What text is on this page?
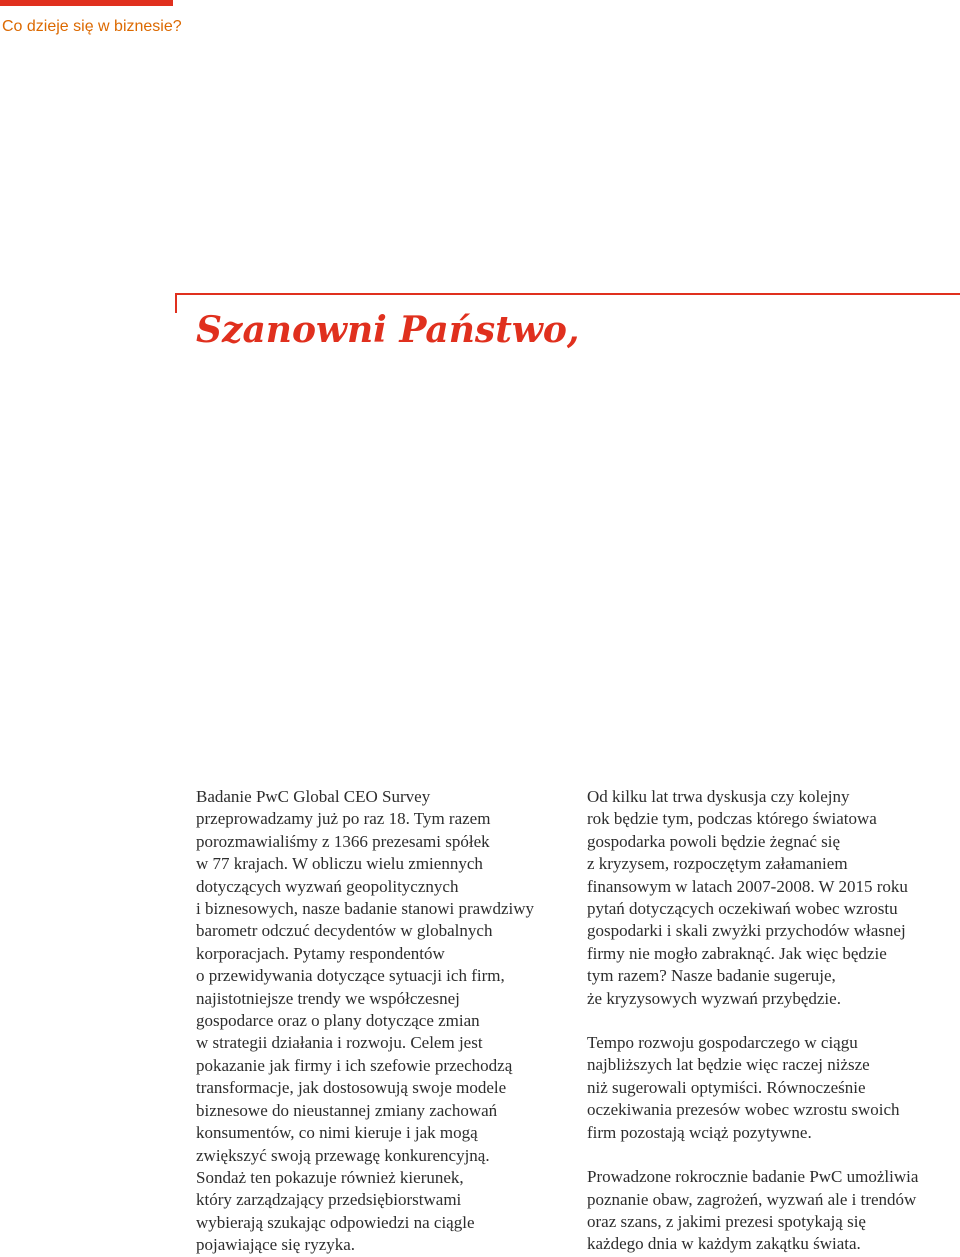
Co dzieje się w biznesie?
Szanowni Państwo,

Badanie PwC Global CEO Survey
przeprowadzamy już po raz 18. Tym razem
porozmawialiśmy z 1366 prezesami spółek
w 77 krajach. W obliczu wielu zmiennych
dotyczących wyzwań geopolitycznych
i biznesowych, nasze badanie stanowi prawdziwy
barometr odczuć decydentów w globalnych
korporacjach. Pytamy respondentów
o przewidywania dotyczące sytuacji ich firm,
najistotniejsze trendy we współczesnej
gospodarce oraz o plany dotyczące zmian
w strategii działania i rozwoju. Celem jest
pokazanie jak firmy i ich szefowie przechodzą
transformacje, jak dostosowują swoje modele
biznesowe do nieustannej zmiany zachowań
konsumentów, co nimi kieruje i jak mogą
zwiększyć swoją przewagę konkurencyjną.
Sondaż ten pokazuje również kierunek,
który zarządzający przedsiębiorstwami
wybierają szukając odpowiedzi na ciągle
pojawiające się ryzyka.

Od kilku lat trwa dyskusja czy kolejny
rok będzie tym, podczas którego światowa
gospodarka powoli będzie żegnać się
z kryzysem, rozpoczętym załamaniem
finansowym w latach 2007-2008. W 2015 roku
pytań dotyczących oczekiwań wobec wzrostu
gospodarki i skali zwyżki przychodów własnej
firmy nie mogło zabraknąć. Jak więc będzie
tym razem? Nasze badanie sugeruje,
że kryzysowych wyzwań przybędzie.

Tempo rozwoju gospodarczego w ciągu
najbliższych lat będzie więc raczej niższe
niż sugerowali optymiści. Równocześnie
oczekiwania prezesów wobec wzrostu swoich
firm pozostają wciąż pozytywne.

Prowadzone rokrocznie badanie PwC umożliwia
poznanie obaw, zagrożeń, wyzwań ale i trendów
oraz szans, z jakimi prezesi spotykają się
każdego dnia w każdym zakątku świata.
